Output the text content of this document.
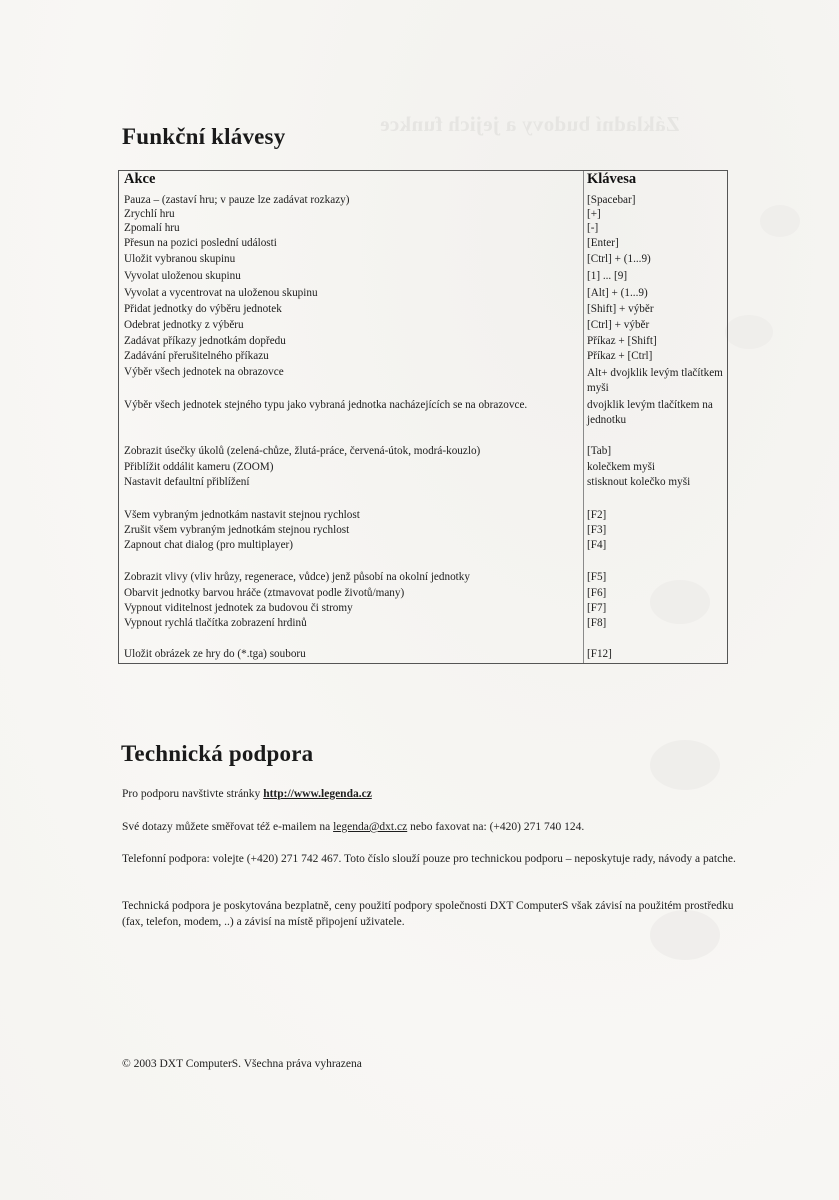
Základní budovy a jejich funkce
Funkční klávesy
Akce	Klávesa
Pauza – (zastaví hru; v pauze lze zadávat rozkazy)	[Spacebar]
Zrychlí hru	[+]
Zpomalí hru	[-]
Přesun na pozici poslední události	[Enter]
Uložit vybranou skupinu	[Ctrl] + (1...9)
Vyvolat uloženou skupinu	[1] ... [9]
Vyvolat a vycentrovat na uloženou skupinu	[Alt] + (1...9)
Přidat jednotky do výběru jednotek	[Shift] + výběr
Odebrat jednotky z výběru	[Ctrl] + výběr
Zadávat příkazy jednotkám dopředu	Příkaz + [Shift]
Zadávání přerušitelného příkazu	Příkaz + [Ctrl]
Výběr všech jednotek na obrazovce	Alt+ dvojklik levým tlačítkem myši
Výběr všech jednotek stejného typu jako vybraná jednotka nacházejících se na obrazovce.	dvojklik levým tlačítkem na jednotku
Zobrazit úsečky úkolů (zelená-chůze, žlutá-práce, červená-útok, modrá-kouzlo)	[Tab]
Přiblížit oddálit kameru (ZOOM)	kolečkem myši
Nastavit defaultní přiblížení	stisknout kolečko myši
Všem vybraným jednotkám nastavit stejnou rychlost	[F2]
Zrušit všem vybraným jednotkám stejnou rychlost	[F3]
Zapnout chat dialog (pro multiplayer)	[F4]
Zobrazit vlivy (vliv hrůzy, regenerace, vůdce) jenž působí na okolní jednotky	[F5]
Obarvit jednotky barvou hráče (ztmavovat podle životů/many)	[F6]
Vypnout viditelnost jednotek za budovou či stromy	[F7]
Vypnout rychlá tlačítka zobrazení hrdinů	[F8]
Uložit obrázek ze hry do (*.tga) souboru	[F12]
Technická podpora
Pro podporu navštivte stránky http://www.legenda.cz
Své dotazy můžete směřovat též e-mailem na legenda@dxt.cz nebo faxovat na: (+420) 271 740 124.
Telefonní podpora: volejte (+420) 271 742 467. Toto číslo slouží pouze pro technickou podporu – neposkytuje rady, návody a patche.
Technická podpora je poskytována bezplatně, ceny použití podpory společnosti DXT ComputerS však závisí na použitém prostředku (fax, telefon, modem, ..) a závisí na místě připojení uživatele.
© 2003 DXT ComputerS. Všechna práva vyhrazena
